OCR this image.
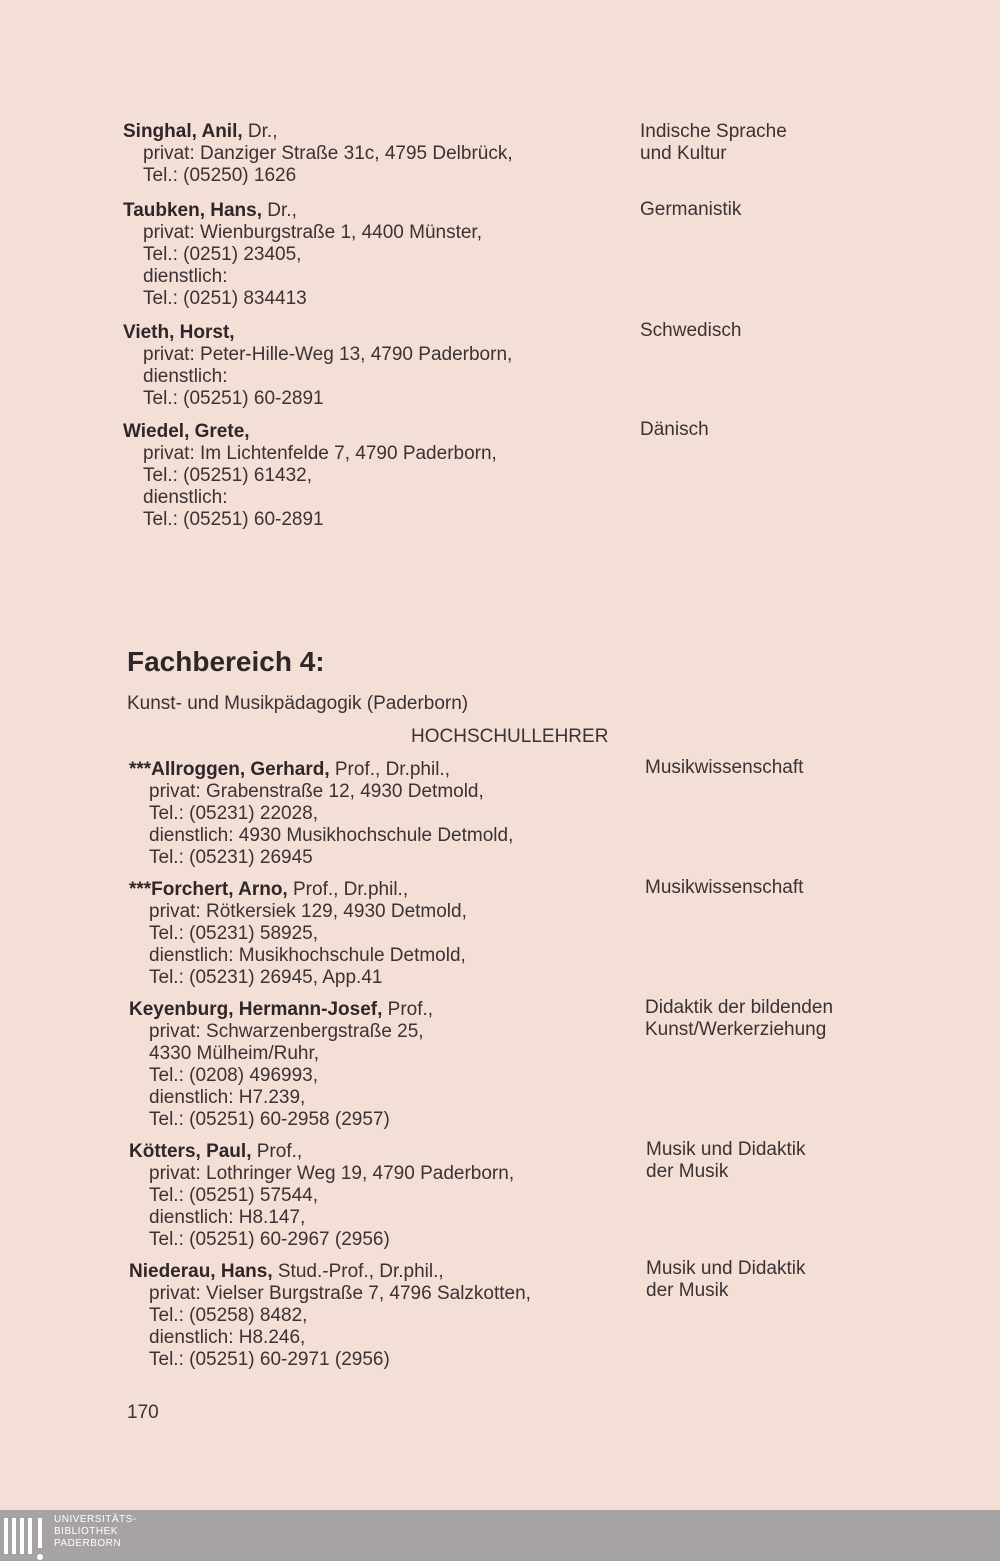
Singhal, Anil, Dr.,
privat: Danziger Straße 31c, 4795 Delbrück,
Tel.: (05250) 1626
Indische Sprache
und Kultur
Taubken, Hans, Dr.,
privat: Wienburgstraße 1, 4400 Münster,
Tel.: (0251) 23405,
dienstlich:
Tel.: (0251) 834413
Germanistik
Vieth, Horst,
privat: Peter-Hille-Weg 13, 4790 Paderborn,
dienstlich:
Tel.: (05251) 60-2891
Schwedisch
Wiedel, Grete,
privat: Im Lichtenfelde 7, 4790 Paderborn,
Tel.: (05251) 61432,
dienstlich:
Tel.: (05251) 60-2891
Dänisch
Fachbereich 4:
Kunst- und Musikpädagogik (Paderborn)
HOCHSCHULLEHRER
***Allroggen, Gerhard, Prof., Dr.phil.,
privat: Grabenstraße 12, 4930 Detmold,
Tel.: (05231) 22028,
dienstlich: 4930 Musikhochschule Detmold,
Tel.: (05231) 26945
Musikwissenschaft
***Forchert, Arno, Prof., Dr.phil.,
privat: Rötkersiek 129, 4930 Detmold,
Tel.: (05231) 58925,
dienstlich: Musikhochschule Detmold,
Tel.: (05231) 26945, App.41
Musikwissenschaft
Keyenburg, Hermann-Josef, Prof.,
privat: Schwarzenbergstraße 25,
4330 Mülheim/Ruhr,
Tel.: (0208) 496993,
dienstlich: H7.239,
Tel.: (05251) 60-2958 (2957)
Didaktik der bildenden
Kunst/Werkerziehung
Kötters, Paul, Prof.,
privat: Lothringer Weg 19, 4790 Paderborn,
Tel.: (05251) 57544,
dienstlich: H8.147,
Tel.: (05251) 60-2967 (2956)
Musik und Didaktik
der Musik
Niederau, Hans, Stud.-Prof., Dr.phil.,
privat: Vielser Burgstraße 7, 4796 Salzkotten,
Tel.: (05258) 8482,
dienstlich: H8.246,
Tel.: (05251) 60-2971 (2956)
Musik und Didaktik
der Musik
170
UNIVERSITÄTS-
BIBLIOTHEK
PADERBORN
